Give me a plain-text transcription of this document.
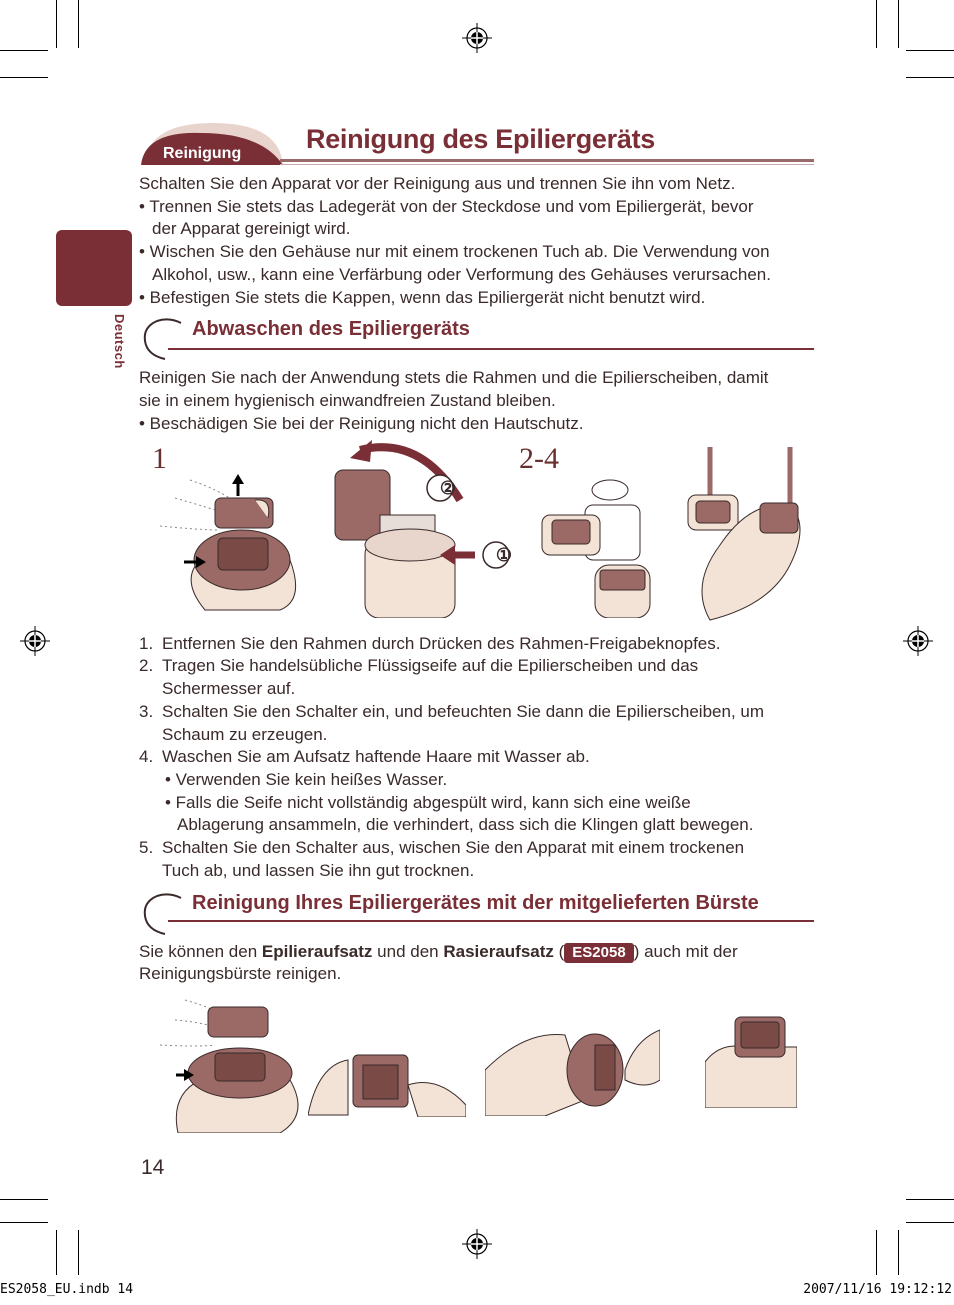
Reinigung Reinigung des Epiliergeräts
Deutsch
Schalten Sie den Apparat vor der Reinigung aus und trennen Sie ihn vom Netz.
• Trennen Sie stets das Ladegerät von der Steckdose und vom Epiliergerät, bevor
der Apparat gereinigt wird.
• Wischen Sie den Gehäuse nur mit einem trockenen Tuch ab. Die Verwendung von
Alkohol, usw., kann eine Verfärbung oder Verformung des Gehäuses verursachen.
• Befestigen Sie stets die Kappen, wenn das Epiliergerät nicht benutzt wird.
Abwaschen des Epiliergeräts
Reinigen Sie nach der Anwendung stets die Rahmen und die Epilierscheiben, damit
sie in einem hygienisch einwandfreien Zustand bleiben.
• Beschädigen Sie bei der Reinigung nicht den Hautschutz.
1	2-4
②
①
1. Entfernen Sie den Rahmen durch Drücken des Rahmen-Freigabeknopfes.
2. Tragen Sie handelsübliche Flüssigseife auf die Epilierscheiben und das
Schermesser auf.
3. Schalten Sie den Schalter ein, und befeuchten Sie dann die Epilierscheiben, um
Schaum zu erzeugen.
4. Waschen Sie am Aufsatz haftende Haare mit Wasser ab.
• Verwenden Sie kein heißes Wasser.
• Falls die Seife nicht vollständig abgespült wird, kann sich eine weiße
Ablagerung ansammeln, die verhindert, dass sich die Klingen glatt bewegen.
5. Schalten Sie den Schalter aus, wischen Sie den Apparat mit einem trockenen
Tuch ab, und lassen Sie ihn gut trocknen.
Reinigung Ihres Epiliergerätes mit der mitgelieferten Bürste
Sie können den Epilieraufsatz und den Rasieraufsatz ( ES2058 ) auch mit der
Reinigungsbürste reinigen.
14
ES2058_EU.indb 14	2007/11/16 19:12:12
